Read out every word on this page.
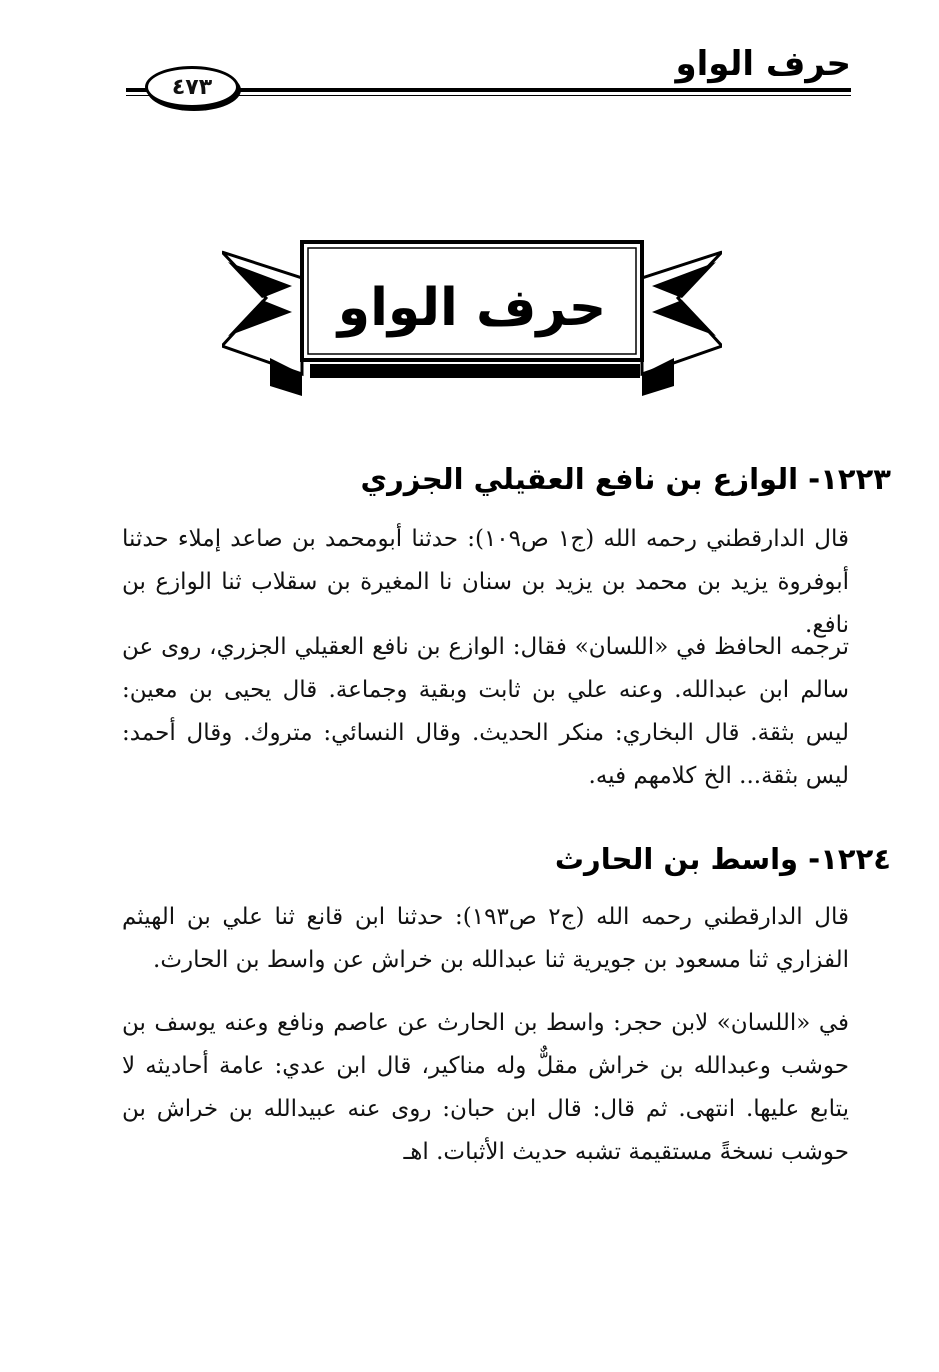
حرف الواو
٤٧٣
حرف الواو
١٢٢٣- الوازع بن نافع العقيلي الجزري
قال الدارقطني رحمه الله (ج١ ص١٠٩): حدثنا أبومحمد بن صاعد إملاء حدثنا أبوفروة يزيد بن محمد بن يزيد بن سنان نا المغيرة بن سقلاب ثنا الوازع بن نافع.
ترجمه الحافظ في «اللسان» فقال: الوازع بن نافع العقيلي الجزري، روى عن سالم ابن عبدالله. وعنه علي بن ثابت وبقية وجماعة. قال يحيى بن معين: ليس بثقة. قال البخاري: منكر الحديث. وقال النسائي: متروك. وقال أحمد: ليس بثقة... الخ كلامهم فيه.
١٢٢٤- واسط بن الحارث
قال الدارقطني رحمه الله (ج٢ ص١٩٣): حدثنا ابن قانع ثنا علي بن الهيثم الفزاري ثنا مسعود بن جويرية ثنا عبدالله بن خراش عن واسط بن الحارث.
في «اللسان» لابن حجر: واسط بن الحارث عن عاصم ونافع وعنه يوسف بن حوشب وعبدالله بن خراش مقلٌّ وله مناكير، قال ابن عدي: عامة أحاديثه لا يتابع عليها. انتهى. ثم قال: قال ابن حبان: روى عنه عبيدالله بن خراش بن حوشب نسخةً مستقيمة تشبه حديث الأثبات. اهـ
